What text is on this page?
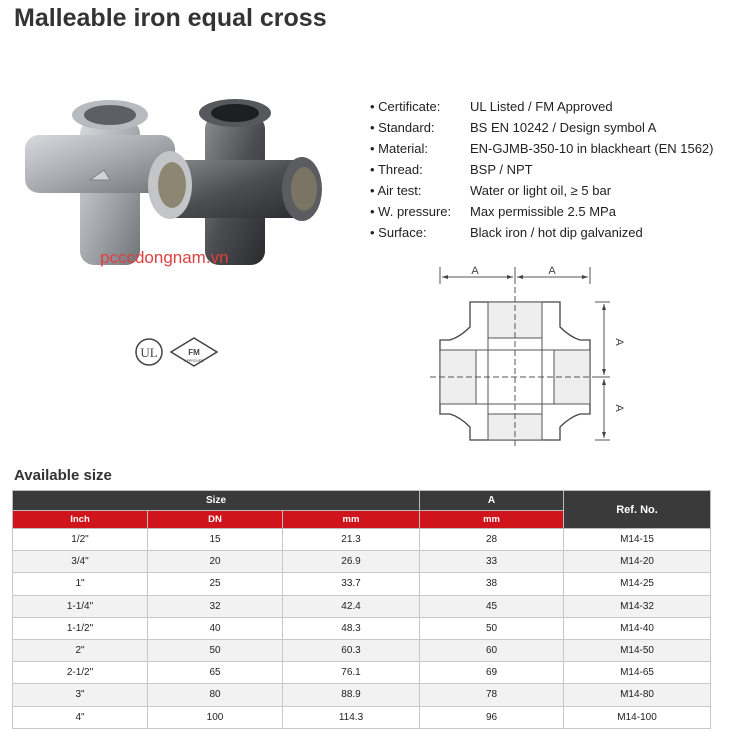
Malleable iron equal cross
pcccdongnam.vn
UL	FM
APPROVED
• Certificate:	UL Listed / FM Approved
• Standard:	BS EN 10242 / Design symbol A
• Material:	EN-GJMB-350-10 in blackheart (EN 1562)
• Thread:	BSP / NPT
• Air test:	Water or light oil, ≥ 5 bar
• W. pressure:	Max permissible 2.5 MPa
• Surface:	Black iron / hot dip galvanized
A	A
A
A
Available size
Size			A	Ref. No.
Inch	DN	mm	mm	
1/2"	15	21.3	28	M14-15
3/4"	20	26.9	33	M14-20
1"	25	33.7	38	M14-25
1-1/4"	32	42.4	45	M14-32
1-1/2"	40	48.3	50	M14-40
2"	50	60.3	60	M14-50
2-1/2"	65	76.1	69	M14-65
3"	80	88.9	78	M14-80
4"	100	114.3	96	M14-100
